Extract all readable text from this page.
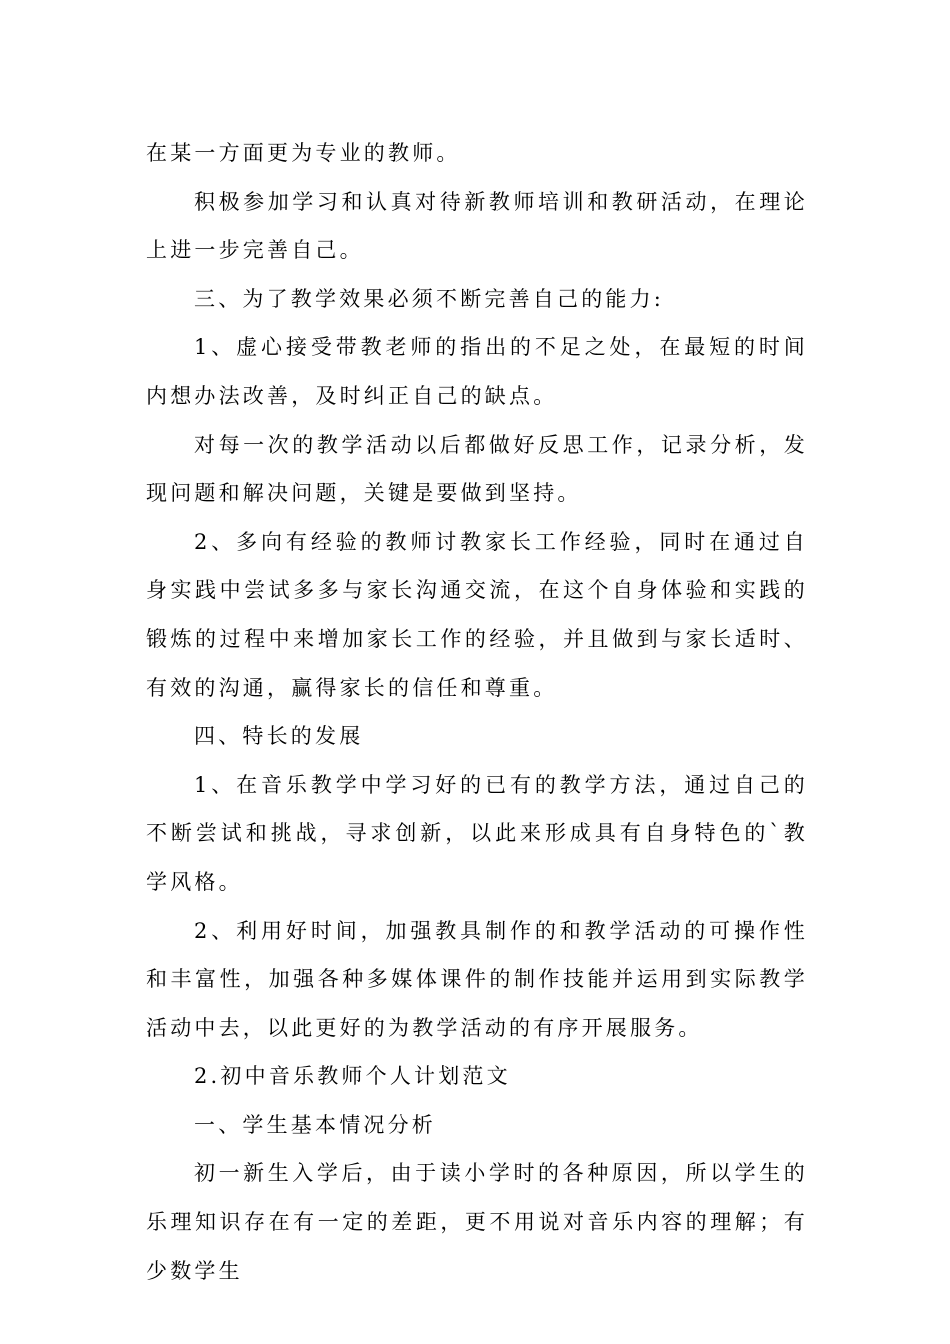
在某一方面更为专业的教师。

积极参加学习和认真对待新教师培训和教研活动，在理论上进一步完善自己。

三、为了教学效果必须不断完善自己的能力:

1、虚心接受带教老师的指出的不足之处，在最短的时间内想办法改善，及时纠正自己的缺点。

对每一次的教学活动以后都做好反思工作，记录分析，发现问题和解决问题，关键是要做到坚持。

2、多向有经验的教师讨教家长工作经验，同时在通过自身实践中尝试多多与家长沟通交流，在这个自身体验和实践的锻炼的过程中来增加家长工作的经验，并且做到与家长适时、有效的沟通，赢得家长的信任和尊重。

四、特长的发展

1、在音乐教学中学习好的已有的教学方法，通过自己的不断尝试和挑战，寻求创新，以此来形成具有自身特色的`教学风格。

2、利用好时间，加强教具制作的和教学活动的可操作性和丰富性，加强各种多媒体课件的制作技能并运用到实际教学活动中去，以此更好的为教学活动的有序开展服务。

2.初中音乐教师个人计划范文

一、学生基本情况分析

初一新生入学后，由于读小学时的各种原因，所以学生的乐理知识存在有一定的差距，更不用说对音乐内容的理解；有少数学生
